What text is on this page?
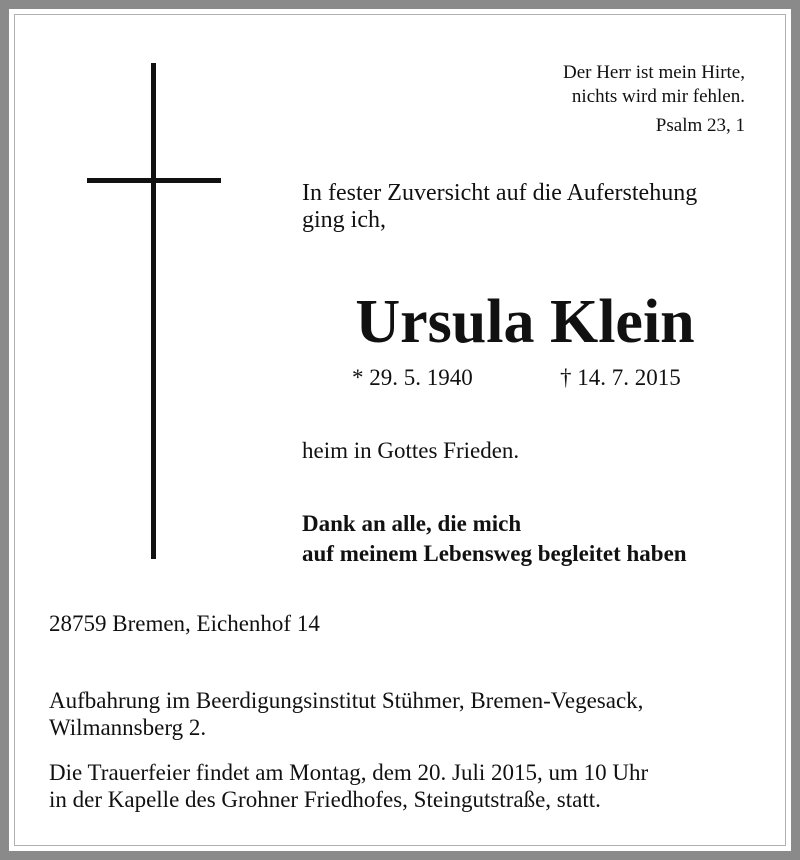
Der Herr ist mein Hirte,
nichts wird mir fehlen.
Psalm 23, 1
In fester Zuversicht auf die Auferstehung
ging ich,
Ursula Klein
* 29. 5. 1940	† 14. 7. 2015
heim in Gottes Frieden.
Dank an alle, die mich
auf meinem Lebensweg begleitet haben
28759 Bremen, Eichenhof 14
Aufbahrung im Beerdigungsinstitut Stühmer, Bremen-Vegesack,
Wilmannsberg 2.
Die Trauerfeier findet am Montag, dem 20. Juli 2015, um 10 Uhr
in der Kapelle des Grohner Friedhofes, Steingutstraße, statt.
